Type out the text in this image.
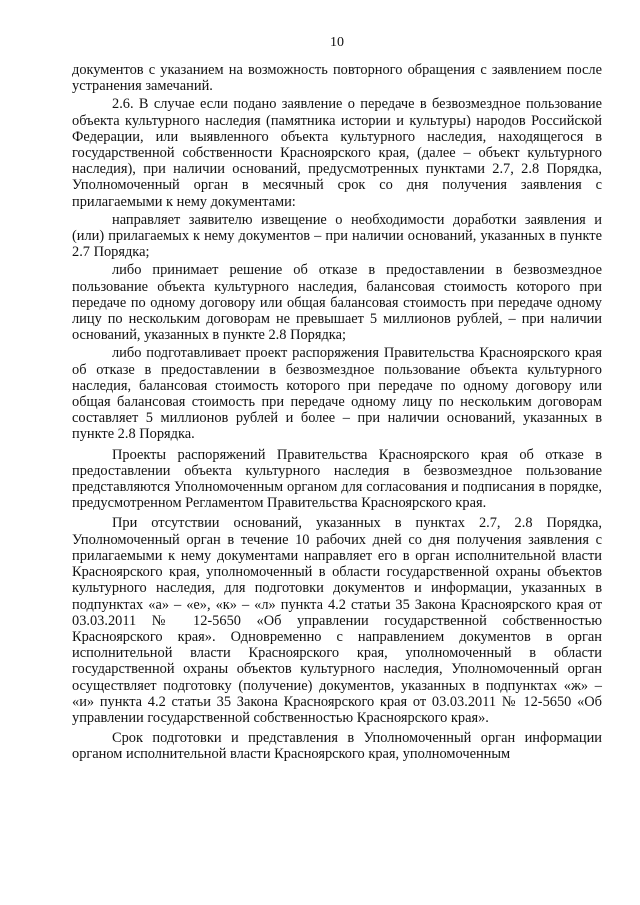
10

документов с указанием на возможность повторного обращения с заявлением после устранения замечаний.

2.6. В случае если подано заявление о передаче в безвозмездное пользование объекта культурного наследия (памятника истории и культуры) народов Российской Федерации, или выявленного объекта культурного наследия, находящегося в государственной собственности Красноярского края, (далее – объект культурного наследия), при наличии оснований, предусмотренных пунктами 2.7, 2.8 Порядка, Уполномоченный орган в месячный срок со дня получения заявления с прилагаемыми к нему документами:

направляет заявителю извещение о необходимости доработки заявления и (или) прилагаемых к нему документов – при наличии оснований, указанных в пункте 2.7 Порядка;

либо принимает решение об отказе в предоставлении в безвозмездное пользование объекта культурного наследия, балансовая стоимость которого при передаче по одному договору или общая балансовая стоимость при передаче одному лицу по нескольким договорам не превышает 5 миллионов рублей, – при наличии оснований, указанных в пункте 2.8 Порядка;

либо подготавливает проект распоряжения Правительства Красноярского края об отказе в предоставлении в безвозмездное пользование объекта культурного наследия, балансовая стоимость которого при передаче по одному договору или общая балансовая стоимость при передаче одному лицу по нескольким договорам составляет 5 миллионов рублей и более – при наличии оснований, указанных в пункте 2.8 Порядка.

Проекты распоряжений Правительства Красноярского края об отказе в предоставлении объекта культурного наследия в безвозмездное пользование представляются Уполномоченным органом для согласования и подписания в порядке, предусмотренном Регламентом Правительства Красноярского края.

При отсутствии оснований, указанных в пунктах 2.7, 2.8 Порядка, Уполномоченный орган в течение 10 рабочих дней со дня получения заявления с прилагаемыми к нему документами направляет его в орган исполнительной власти Красноярского края, уполномоченный в области государственной охраны объектов культурного наследия, для подготовки документов и информации, указанных в подпунктах «а» – «е», «к» – «л» пункта 4.2 статьи 35 Закона Красноярского края от 03.03.2011 № 12-5650 «Об управлении государственной собственностью Красноярского края». Одновременно с направлением документов в орган исполнительной власти Красноярского края, уполномоченный в области государственной охраны объектов культурного наследия, Уполномоченный орган осуществляет подготовку (получение) документов, указанных в подпунктах «ж» – «и» пункта 4.2 статьи 35 Закона Красноярского края от 03.03.2011 № 12-5650 «Об управлении государственной собственностью Красноярского края».

Срок подготовки и представления в Уполномоченный орган информации органом исполнительной власти Красноярского края, уполномоченным
